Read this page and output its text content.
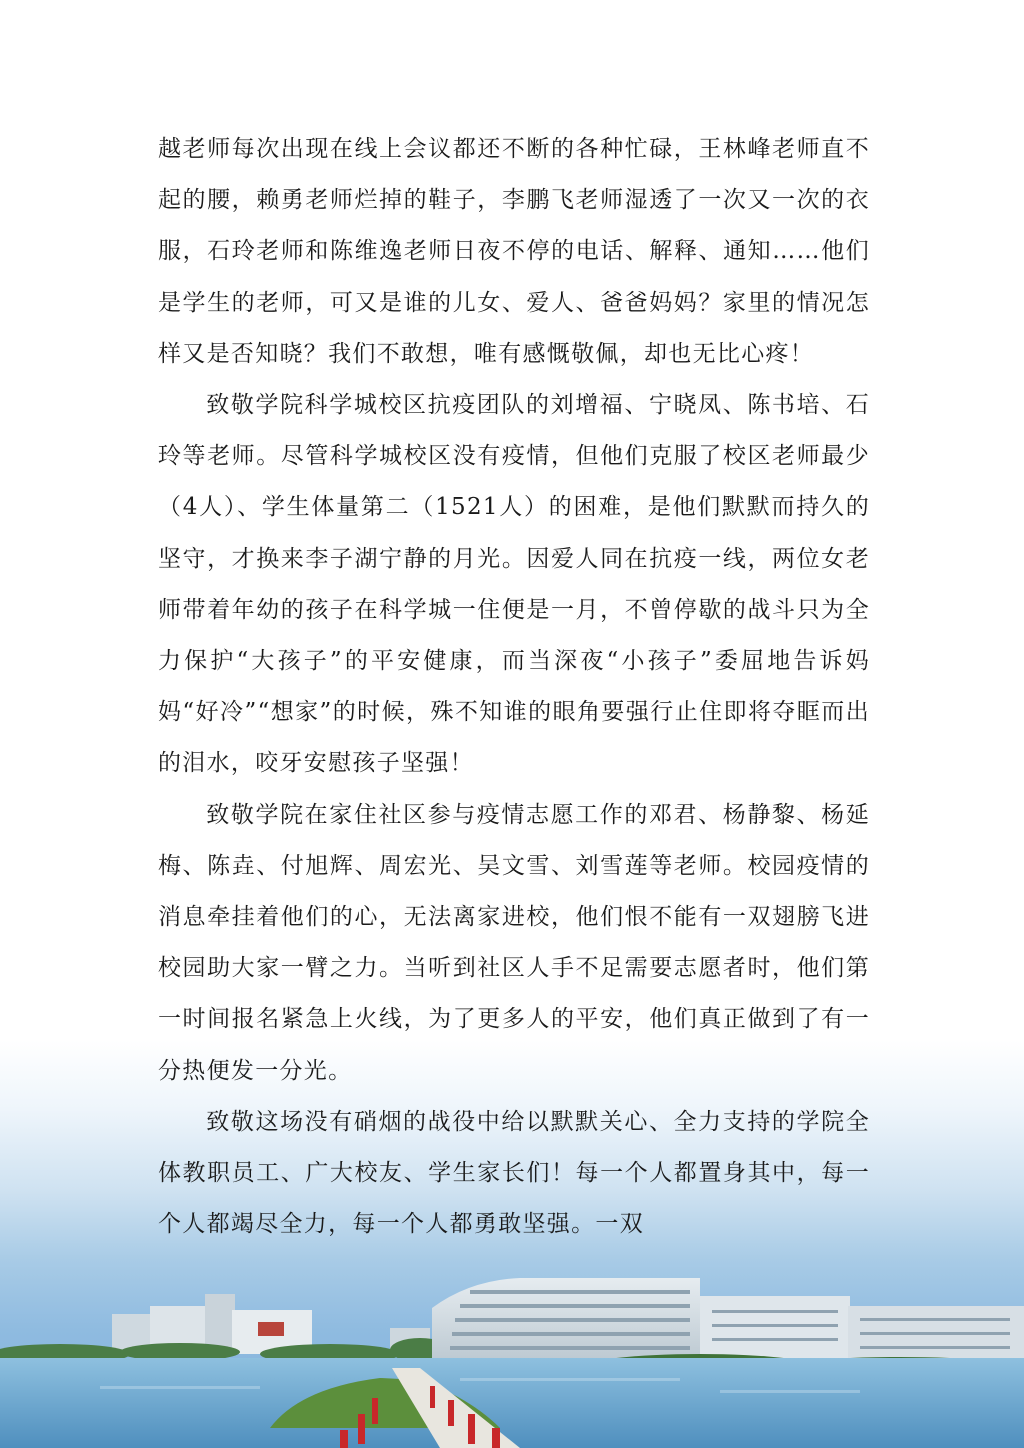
越老师每次出现在线上会议都还不断的各种忙碌，王林峰老师直不起的腰，赖勇老师烂掉的鞋子，李鹏飞老师湿透了一次又一次的衣服，石玲老师和陈维逸老师日夜不停的电话、解释、通知……他们是学生的老师，可又是谁的儿女、爱人、爸爸妈妈？家里的情况怎样又是否知晓？我们不敢想，唯有感慨敬佩，却也无比心疼！

致敬学院科学城校区抗疫团队的刘增福、宁晓凤、陈书培、石玲等老师。尽管科学城校区没有疫情，但他们克服了校区老师最少（4人）、学生体量第二（1521人）的困难，是他们默默而持久的坚守，才换来李子湖宁静的月光。因爱人同在抗疫一线，两位女老师带着年幼的孩子在科学城一住便是一月，不曾停歇的战斗只为全力保护“大孩子”的平安健康，而当深夜“小孩子”委屈地告诉妈妈“好冷”“想家”的时候，殊不知谁的眼角要强行止住即将夺眶而出的泪水，咬牙安慰孩子坚强！

致敬学院在家住社区参与疫情志愿工作的邓君、杨静黎、杨延梅、陈垚、付旭辉、周宏光、吴文雪、刘雪莲等老师。校园疫情的消息牵挂着他们的心，无法离家进校，他们恨不能有一双翅膀飞进校园助大家一臂之力。当听到社区人手不足需要志愿者时，他们第一时间报名紧急上火线，为了更多人的平安，他们真正做到了有一分热便发一分光。

致敬这场没有硝烟的战役中给以默默关心、全力支持的学院全体教职员工、广大校友、学生家长们！每一个人都置身其中，每一个人都竭尽全力，每一个人都勇敢坚强。一双
